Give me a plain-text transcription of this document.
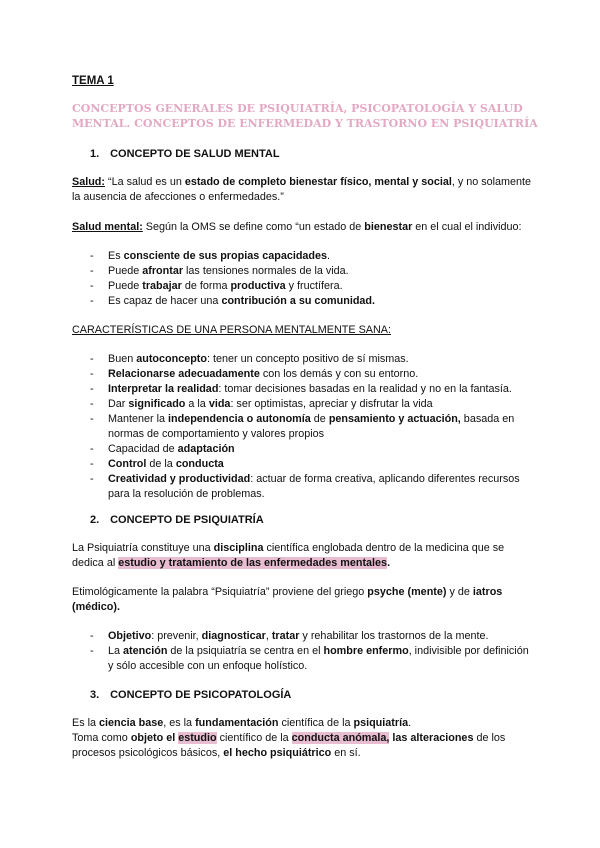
TEMA 1
CONCEPTOS GENERALES DE PSIQUIATRÍA, PSICOPATOLOGÍA Y SALUD
MENTAL. CONCEPTOS DE ENFERMEDAD Y TRASTORNO EN PSIQUIATRÍA
1. CONCEPTO DE SALUD MENTAL
Salud: “La salud es un estado de completo bienestar físico, mental y social, y no solamente la ausencia de afecciones o enfermedades.”
Salud mental: Según la OMS se define como “un estado de bienestar en el cual el individuo:
- Es consciente de sus propias capacidades.
- Puede afrontar las tensiones normales de la vida.
- Puede trabajar de forma productiva y fructífera.
- Es capaz de hacer una contribución a su comunidad.
CARACTERÍSTICAS DE UNA PERSONA MENTALMENTE SANA:
- Buen autoconcepto: tener un concepto positivo de sí mismas.
- Relacionarse adecuadamente con los demás y con su entorno.
- Interpretar la realidad: tomar decisiones basadas en la realidad y no en la fantasía.
- Dar significado a la vida: ser optimistas, apreciar y disfrutar la vida
- Mantener la independencia o autonomía de pensamiento y actuación, basada en normas de comportamiento y valores propios
- Capacidad de adaptación
- Control de la conducta
- Creatividad y productividad: actuar de forma creativa, aplicando diferentes recursos para la resolución de problemas.
2. CONCEPTO DE PSIQUIATRÍA
La Psiquiatría constituye una disciplina científica englobada dentro de la medicina que se dedica al estudio y tratamiento de las enfermedades mentales.
Etimológicamente la palabra “Psiquiatría” proviene del griego psyche (mente) y de iatros (médico).
- Objetivo: prevenir, diagnosticar, tratar y rehabilitar los trastornos de la mente.
- La atención de la psiquiatría se centra en el hombre enfermo, indivisible por definición y sólo accesible con un enfoque holístico.
3. CONCEPTO DE PSICOPATOLOGÍA
Es la ciencia base, es la fundamentación científica de la psiquiatría.
Toma como objeto el estudio científico de la conducta anómala, las alteraciones de los procesos psicológicos básicos, el hecho psiquiátrico en sí.
